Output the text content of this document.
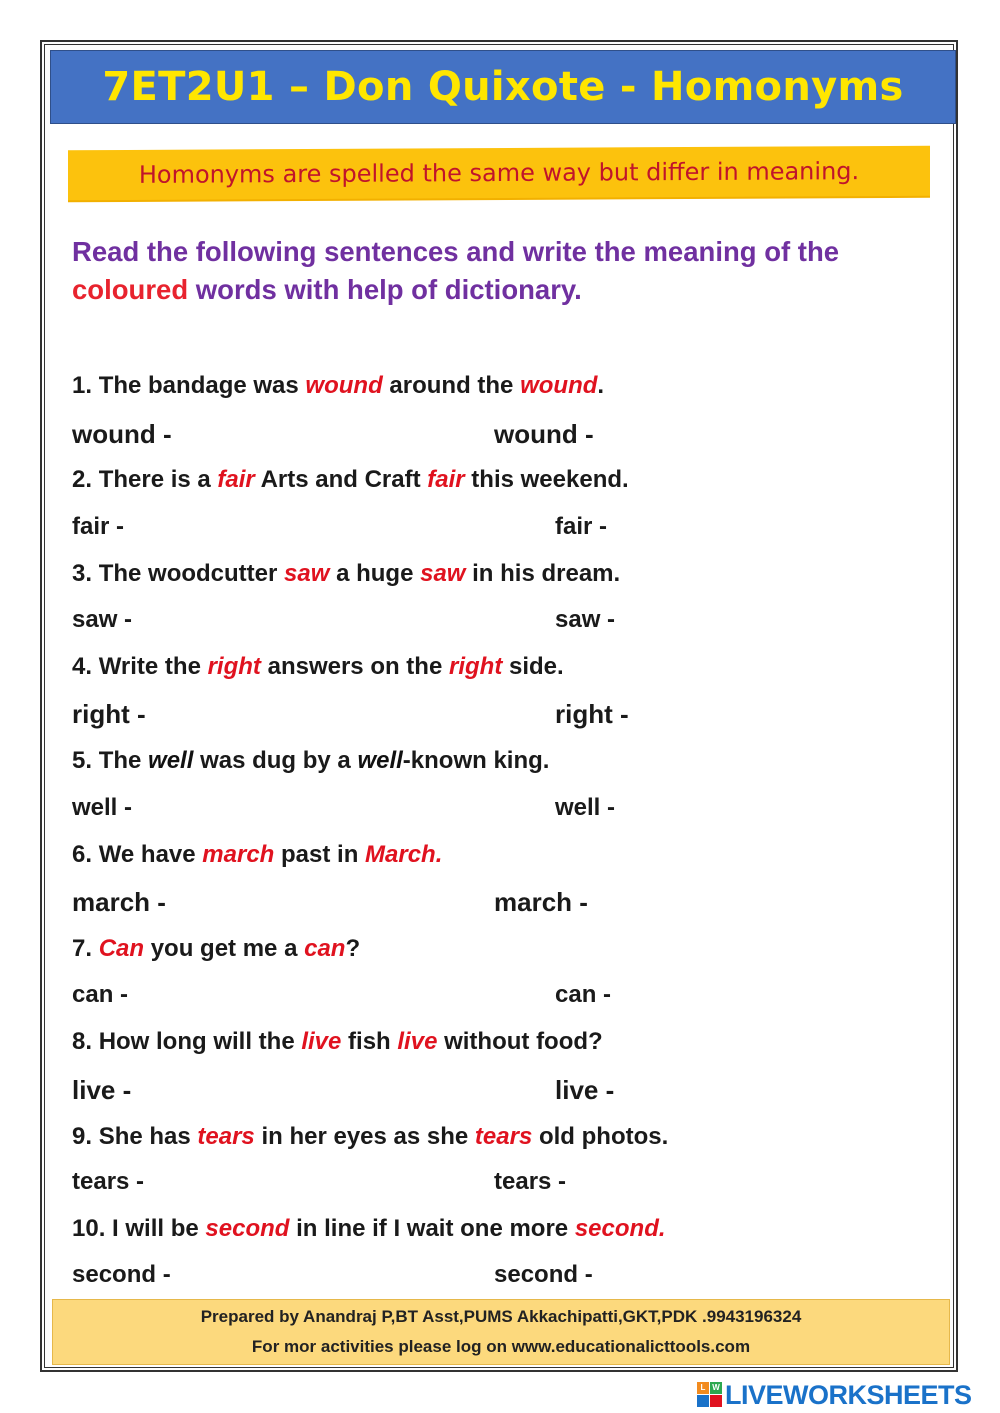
7ET2U1 – Don Quixote - Homonyms
Homonyms are spelled the same way but differ in meaning.
Read the following sentences and write the meaning of the
coloured words with help of dictionary.
1. The bandage was wound around the wound.
wound -	wound -
2. There is a fair Arts and Craft fair this weekend.
fair -	fair -
3. The woodcutter saw a huge saw in his dream.
saw -	saw -
4. Write the right answers on the right side.
right -	right -
5. The well was dug by a well-known king.
well -	well -
6. We have march past in March.
march -	march -
7. Can you get me a can?
can -	can -
8. How long will the live fish live without food?
live -	live -
9. She has tears in her eyes as she tears old photos.
tears -	tears -
10. I will be second in line if I wait one more second.
second -	second -
Prepared by Anandraj P,BT Asst,PUMS Akkachipatti,GKT,PDK .9943196324
For mor activities please log on www.educationalicttools.com
L W LIVEWORKSHEETS
